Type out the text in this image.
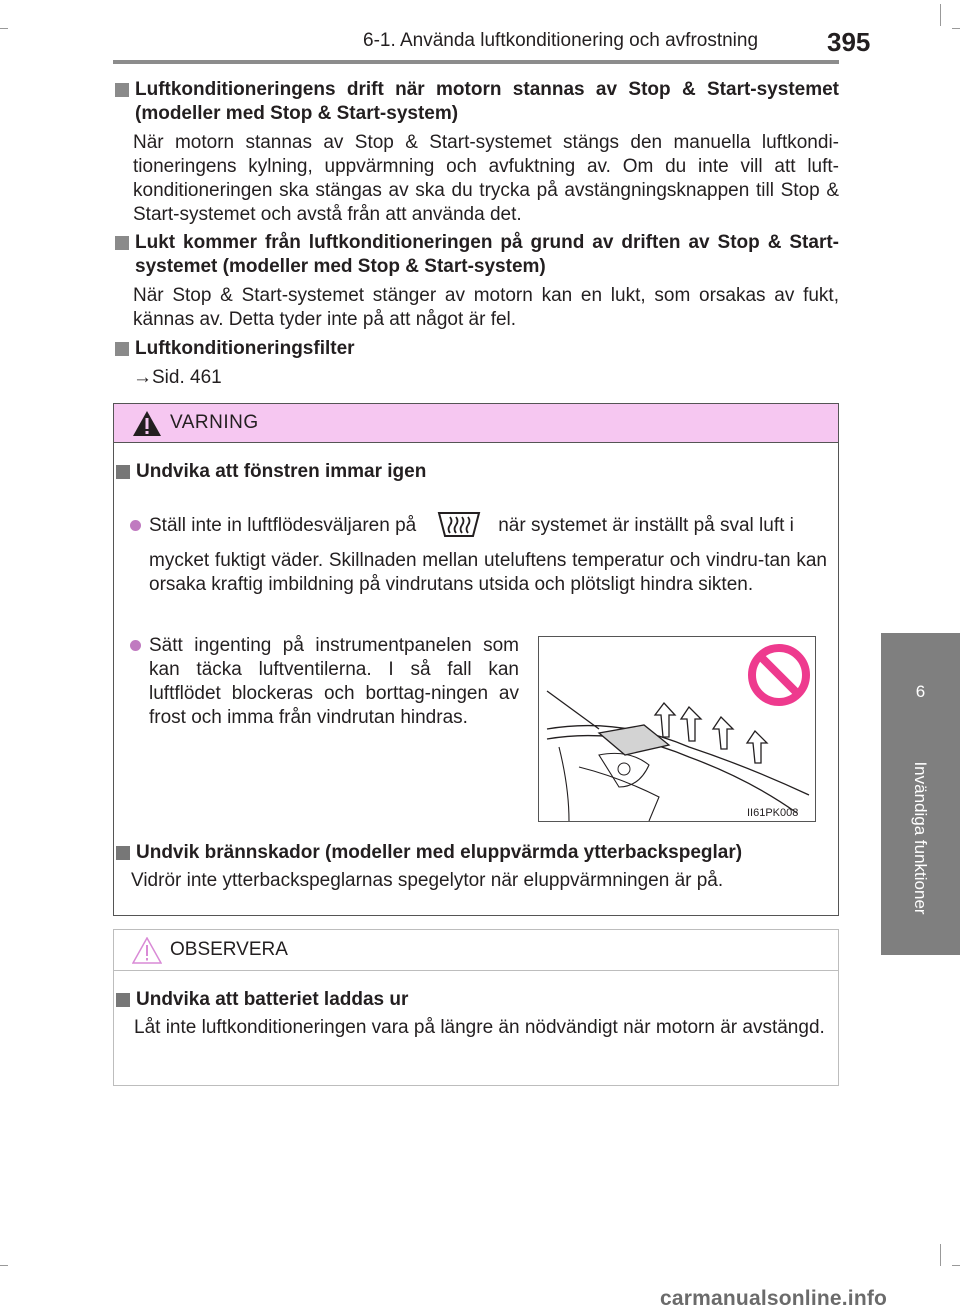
6-1. Använda luftkonditionering och avfrostning	395
6
Invändiga funktioner
Luftkonditioneringens drift när motorn stannas av Stop & Start-systemet (modeller med Stop & Start-system)
När motorn stannas av Stop & Start-systemet stängs den manuella luftkondi-tioneringens kylning, uppvärmning och avfuktning av. Om du inte vill att luft-konditioneringen ska stängas av ska du trycka på avstängningsknappen till Stop & Start-systemet och avstå från att använda det.
Lukt kommer från luftkonditioneringen på grund av driften av Stop & Start-systemet (modeller med Stop & Start-system)
När Stop & Start-systemet stänger av motorn kan en lukt, som orsakas av fukt, kännas av. Detta tyder inte på att något är fel.
Luftkonditioneringsfilter
→Sid. 461
VARNING
Undvika att fönstren immar igen
Ställ inte in luftflödesväljaren på	när systemet är inställt på sval luft i
mycket fuktigt väder. Skillnaden mellan uteluftens temperatur och vindru-tan kan orsaka kraftig imbildning på vindrutans utsida och plötsligt hindra sikten.
Sätt ingenting på instrumentpanelen som kan täcka luftventilerna. I så fall kan luftflödet blockeras och borttag-ningen av frost och imma från vindrutan hindras.
II61PK008
Undvik brännskador (modeller med eluppvärmda ytterbackspeglar)
Vidrör inte ytterbackspeglarnas spegelytor när eluppvärmningen är på.
OBSERVERA
Undvika att batteriet laddas ur
Låt inte luftkonditioneringen vara på längre än nödvändigt när motorn är avstängd.
carmanualsonline.info
